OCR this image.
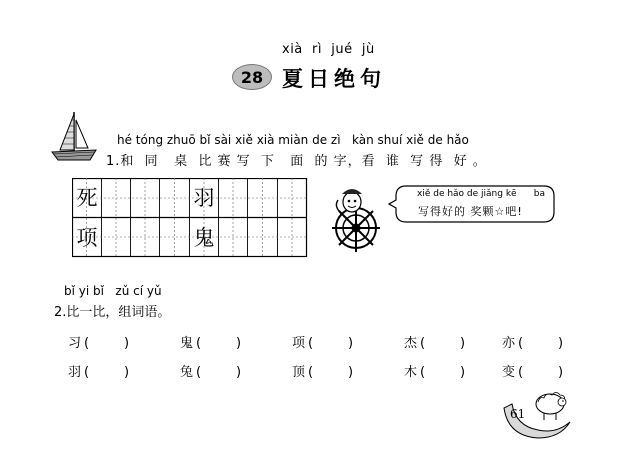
xià  rì  jué  jù
28 夏日绝句
hé tóng zhuō bǐ sài xiě xià miàn de zì   kàn shuí xiě de hǎo
1.和  同   桌  比 赛 写  下   面  的 字，看  谁  写 得  好 。
死	羽
项	鬼
xiě de hǎo de jiǎng kē      ba
写得好的 奖颗☆吧!
bǐ yi bǐ   zǔ cí yǔ
2.比一比，组词语。
习 (	)	鬼 (	)	项 (	)	杰 (	)	亦 (	)
羽 (	)	兔 (	)	顶 (	)	木 (	)	变 (	)
61
